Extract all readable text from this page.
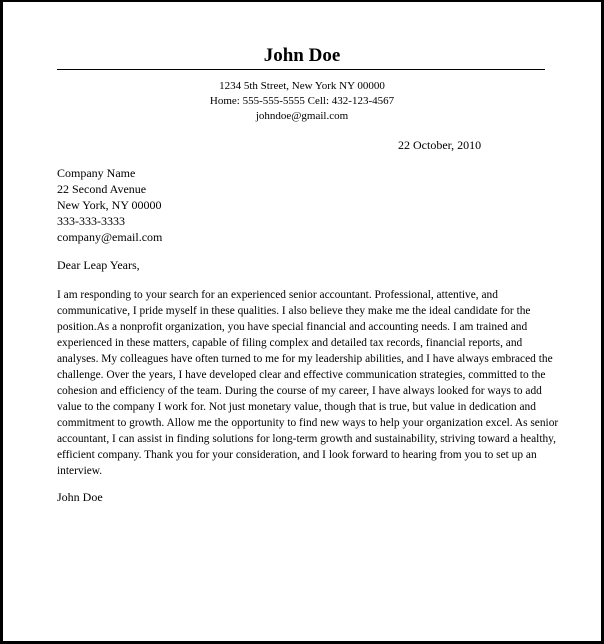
John Doe
1234 5th Street, New York NY 00000
Home: 555-555-5555 Cell: 432-123-4567
johndoe@gmail.com
22 October, 2010
Company Name
22 Second Avenue
New York, NY 00000
333-333-3333
company@email.com
Dear Leap Years,
I am responding to your search for an experienced senior accountant. Professional, attentive, and
communicative, I pride myself in these qualities. I also believe they make me the ideal candidate for the
position.As a nonprofit organization, you have special financial and accounting needs. I am trained and
experienced in these matters, capable of filing complex and detailed tax records, financial reports, and
analyses. My colleagues have often turned to me for my leadership abilities, and I have always embraced the
challenge. Over the years, I have developed clear and effective communication strategies, committed to the
cohesion and efficiency of the team. During the course of my career, I have always looked for ways to add
value to the company I work for. Not just monetary value, though that is true, but value in dedication and
commitment to growth. Allow me the opportunity to find new ways to help your organization excel. As senior
accountant, I can assist in finding solutions for long-term growth and sustainability, striving toward a healthy,
efficient company. Thank you for your consideration, and I look forward to hearing from you to set up an
interview.
John Doe
